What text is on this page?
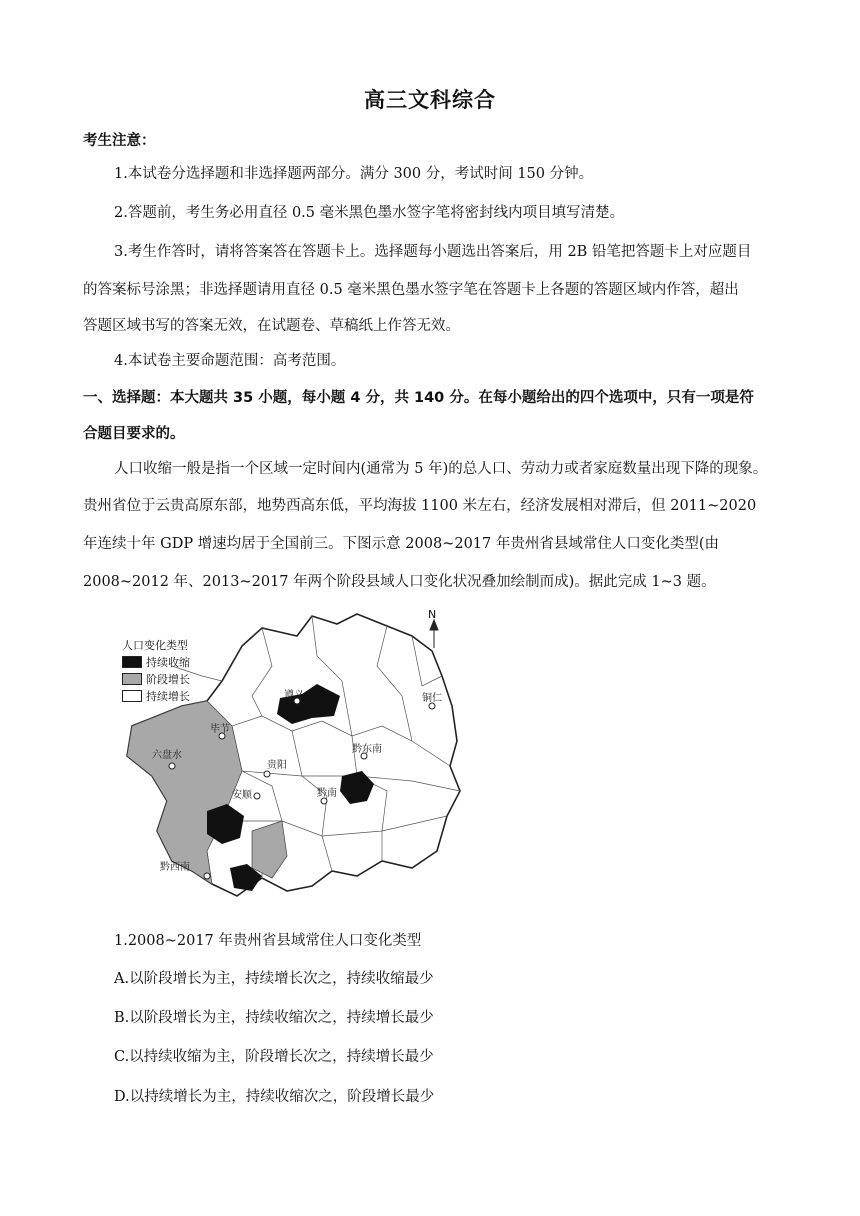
高三文科综合
考生注意：
1.本试卷分选择题和非选择题两部分。满分 300 分，考试时间 150 分钟。
2.答题前，考生务必用直径 0.5 毫米黑色墨水签字笔将密封线内项目填写清楚。
3.考生作答时，请将答案答在答题卡上。选择题每小题选出答案后，用 2B 铅笔把答题卡上对应题目
的答案标号涂黑；非选择题请用直径 0.5 毫米黑色墨水签字笔在答题卡上各题的答题区域内作答，超出
答题区域书写的答案无效，在试题卷、草稿纸上作答无效。
4.本试卷主要命题范围：高考范围。
一、选择题：本大题共 35 小题，每小题 4 分，共 140 分。在每小题给出的四个选项中，只有一项是符
合题目要求的。
人口收缩一般是指一个区域一定时间内(通常为 5 年)的总人口、劳动力或者家庭数量出现下降的现象。
贵州省位于云贵高原东部，地势西高东低，平均海拔 1100 米左右，经济发展相对滞后，但 2011~2020
年连续十年 GDP 增速均居于全国前三。下图示意 2008~2017 年贵州省县域常住人口变化类型(由
2008~2012 年、2013~2017 年两个阶段县域人口变化状况叠加绘制而成)。据此完成 1~3 题。
N
人口变化类型
持续收缩
阶段增长
持续增长	遵义	铜仁
毕节
六盘水
贵阳
黔东南
安顺	黔南
黔西南
1.2008~2017 年贵州省县域常住人口变化类型
A.以阶段增长为主，持续增长次之，持续收缩最少
B.以阶段增长为主，持续收缩次之，持续增长最少
C.以持续收缩为主，阶段增长次之，持续增长最少
D.以持续增长为主，持续收缩次之，阶段增长最少
